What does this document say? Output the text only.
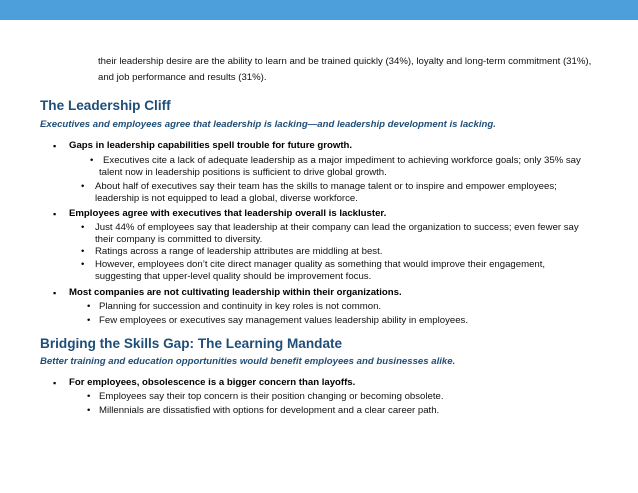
their leadership desire are the ability to learn and be trained quickly (34%), loyalty and long-term commitment (31%),
and job performance and results (31%).
The Leadership Cliff
Executives and employees agree that leadership is lacking—and leadership development is lacking.
▪ Gaps in leadership capabilities spell trouble for future growth.
• Executives cite a lack of adequate leadership as a major impediment to achieving workforce goals; only 35% say
talent now in leadership positions is sufficient to drive global growth.
• About half of executives say their team has the skills to manage talent or to inspire and empower employees;
leadership is not equipped to lead a global, diverse workforce.
▪ Employees agree with executives that leadership overall is lackluster.
• Just 44% of employees say that leadership at their company can lead the organization to success; even fewer say
their company is committed to diversity.
• Ratings across a range of leadership attributes are middling at best.
• However, employees don’t cite direct manager quality as something that would improve their engagement,
suggesting that upper-level quality should be improvement focus.
▪ Most companies are not cultivating leadership within their organizations.
• Planning for succession and continuity in key roles is not common.
• Few employees or executives say management values leadership ability in employees.
Bridging the Skills Gap: The Learning Mandate
Better training and education opportunities would benefit employees and businesses alike.
▪ For employees, obsolescence is a bigger concern than layoffs.
• Employees say their top concern is their position changing or becoming obsolete.
• Millennials are dissatisfied with options for development and a clear career path.
